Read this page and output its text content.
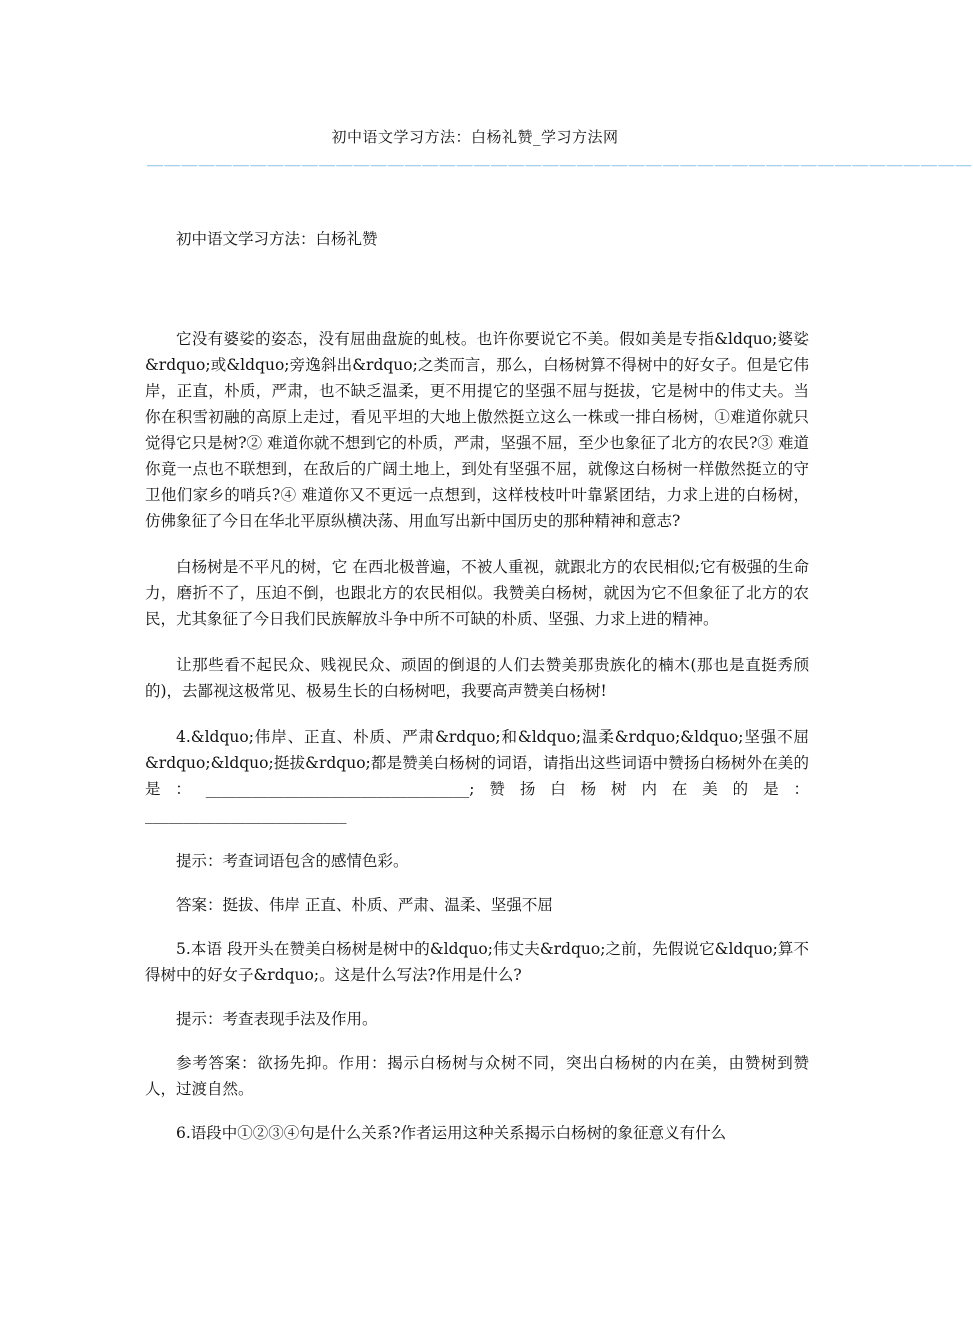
初中语文学习方法：白杨礼赞_学习方法网
＿＿＿＿＿＿＿＿＿＿＿＿＿＿＿＿＿＿＿＿＿＿＿＿＿＿＿＿＿＿＿＿＿＿＿＿＿＿＿＿＿＿＿＿＿＿＿＿

初中语文学习方法：白杨礼赞

它没有婆娑的姿态，没有屈曲盘旋的虬枝。也许你要说它不美。假如美是专指&ldquo;婆娑&rdquo;或&ldquo;旁逸斜出&rdquo;之类而言，那么，白杨树算不得树中的好女子。但是它伟岸，正直，朴质，严肃，也不缺乏温柔，更不用提它的坚强不屈与挺拔，它是树中的伟丈夫。当你在积雪初融的高原上走过，看见平坦的大地上傲然挺立这么一株或一排白杨树，①难道你就只觉得它只是树?② 难道你就不想到它的朴质，严肃，坚强不屈，至少也象征了北方的农民?③ 难道你竟一点也不联想到，在敌后的广阔土地上，到处有坚强不屈，就像这白杨树一样傲然挺立的守卫他们家乡的哨兵?④ 难道你又不更远一点想到，这样枝枝叶叶靠紧团结，力求上进的白杨树，仿佛象征了今日在华北平原纵横决荡、用血写出新中国历史的那种精神和意志?

白杨树是不平凡的树，它 在西北极普遍，不被人重视，就跟北方的农民相似;它有极强的生命力，磨折不了，压迫不倒，也跟北方的农民相似。我赞美白杨树，就因为它不但象征了北方的农民，尤其象征了今日我们民族解放斗争中所不可缺的朴质、坚强、力求上进的精神。

让那些看不起民众、贱视民众、顽固的倒退的人们去赞美那贵族化的楠木(那也是直挺秀颀的)，去鄙视这极常见、极易生长的白杨树吧，我要高声赞美白杨树!

4.&ldquo;伟岸、正直、朴质、严肃&rdquo;和&ldquo;温柔&rdquo;&ldquo;坚强不屈&rdquo;&ldquo;挺拔&rdquo;都是赞美白杨树的词语，请指出这些词语中赞扬白杨树外在美的是：__________________________________;赞扬白杨树内在美的是：__________________________

提示：考查词语包含的感情色彩。

答案：挺拔、伟岸 正直、朴质、严肃、温柔、坚强不屈

5.本语 段开头在赞美白杨树是树中的&ldquo;伟丈夫&rdquo;之前，先假说它&ldquo;算不得树中的好女子&rdquo;。这是什么写法?作用是什么?

提示：考查表现手法及作用。

参考答案：欲扬先抑。作用：揭示白杨树与众树不同，突出白杨树的内在美，由赞树到赞人，过渡自然。

6.语段中①②③④句是什么关系?作者运用这种关系揭示白杨树的象征意义有什么
